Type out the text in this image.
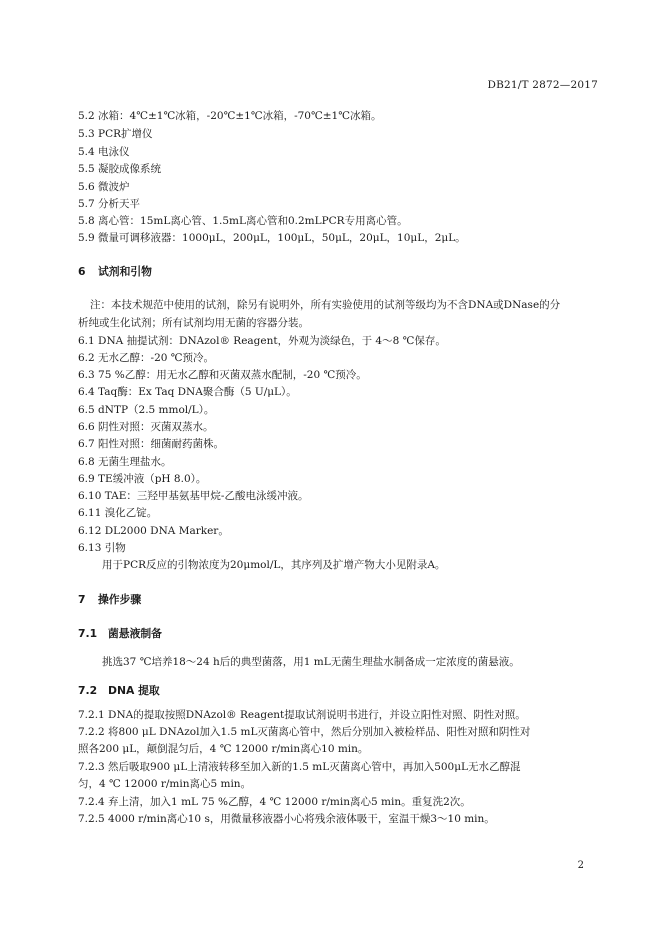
DB21/T 2872—2017
5.2 冰箱：4℃±1℃冰箱，-20℃±1℃冰箱，-70℃±1℃冰箱。
5.3 PCR扩增仪
5.4 电泳仪
5.5 凝胶成像系统
5.6 微波炉
5.7 分析天平
5.8 离心管：15mL离心管、1.5mL离心管和0.2mLPCR专用离心管。
5.9 微量可调移液器：1000μL，200μL，100μL，50μL，20μL，10μL，2μL。
6 试剂和引物
注：本技术规范中使用的试剂，除另有说明外，所有实验使用的试剂等级均为不含DNA或DNase的分
析纯或生化试剂；所有试剂均用无菌的容器分装。
6.1 DNA 抽提试剂：DNAzol® Reagent，外观为淡绿色，于 4～8 ℃保存。
6.2 无水乙醇：-20 ℃预冷。
6.3 75 %乙醇：用无水乙醇和灭菌双蒸水配制，-20 ℃预冷。
6.4 Taq酶：Ex Taq DNA聚合酶（5 U/μL）。
6.5 dNTP（2.5 mmol/L）。
6.6 阴性对照：灭菌双蒸水。
6.7 阳性对照：细菌耐药菌株。
6.8 无菌生理盐水。
6.9 TE缓冲液（pH 8.0）。
6.10 TAE：三羟甲基氨基甲烷-乙酸电泳缓冲液。
6.11 溴化乙锭。
6.12 DL2000 DNA Marker。
6.13 引物
用于PCR反应的引物浓度为20μmol/L，其序列及扩增产物大小见附录A。
7 操作步骤
7.1 菌悬液制备
挑选37 ℃培养18～24 h后的典型菌落，用1 mL无菌生理盐水制备成一定浓度的菌悬液。
7.2 DNA 提取
7.2.1 DNA的提取按照DNAzol® Reagent提取试剂说明书进行，并设立阳性对照、阴性对照。
7.2.2 将800 μL DNAzol加入1.5 mL灭菌离心管中，然后分别加入被检样品、阳性对照和阴性对
照各200 μL，颠倒混匀后，4 ℃ 12000 r/min离心10 min。
7.2.3 然后吸取900 μL上清液转移至加入新的1.5 mL灭菌离心管中，再加入500μL无水乙醇混
匀，4 ℃ 12000 r/min离心5 min。
7.2.4 弃上清，加入1 mL 75 %乙醇，4 ℃ 12000 r/min离心5 min。重复洗2次。
7.2.5 4000 r/min离心10 s，用微量移液器小心将残余液体吸干，室温干燥3～10 min。
2
